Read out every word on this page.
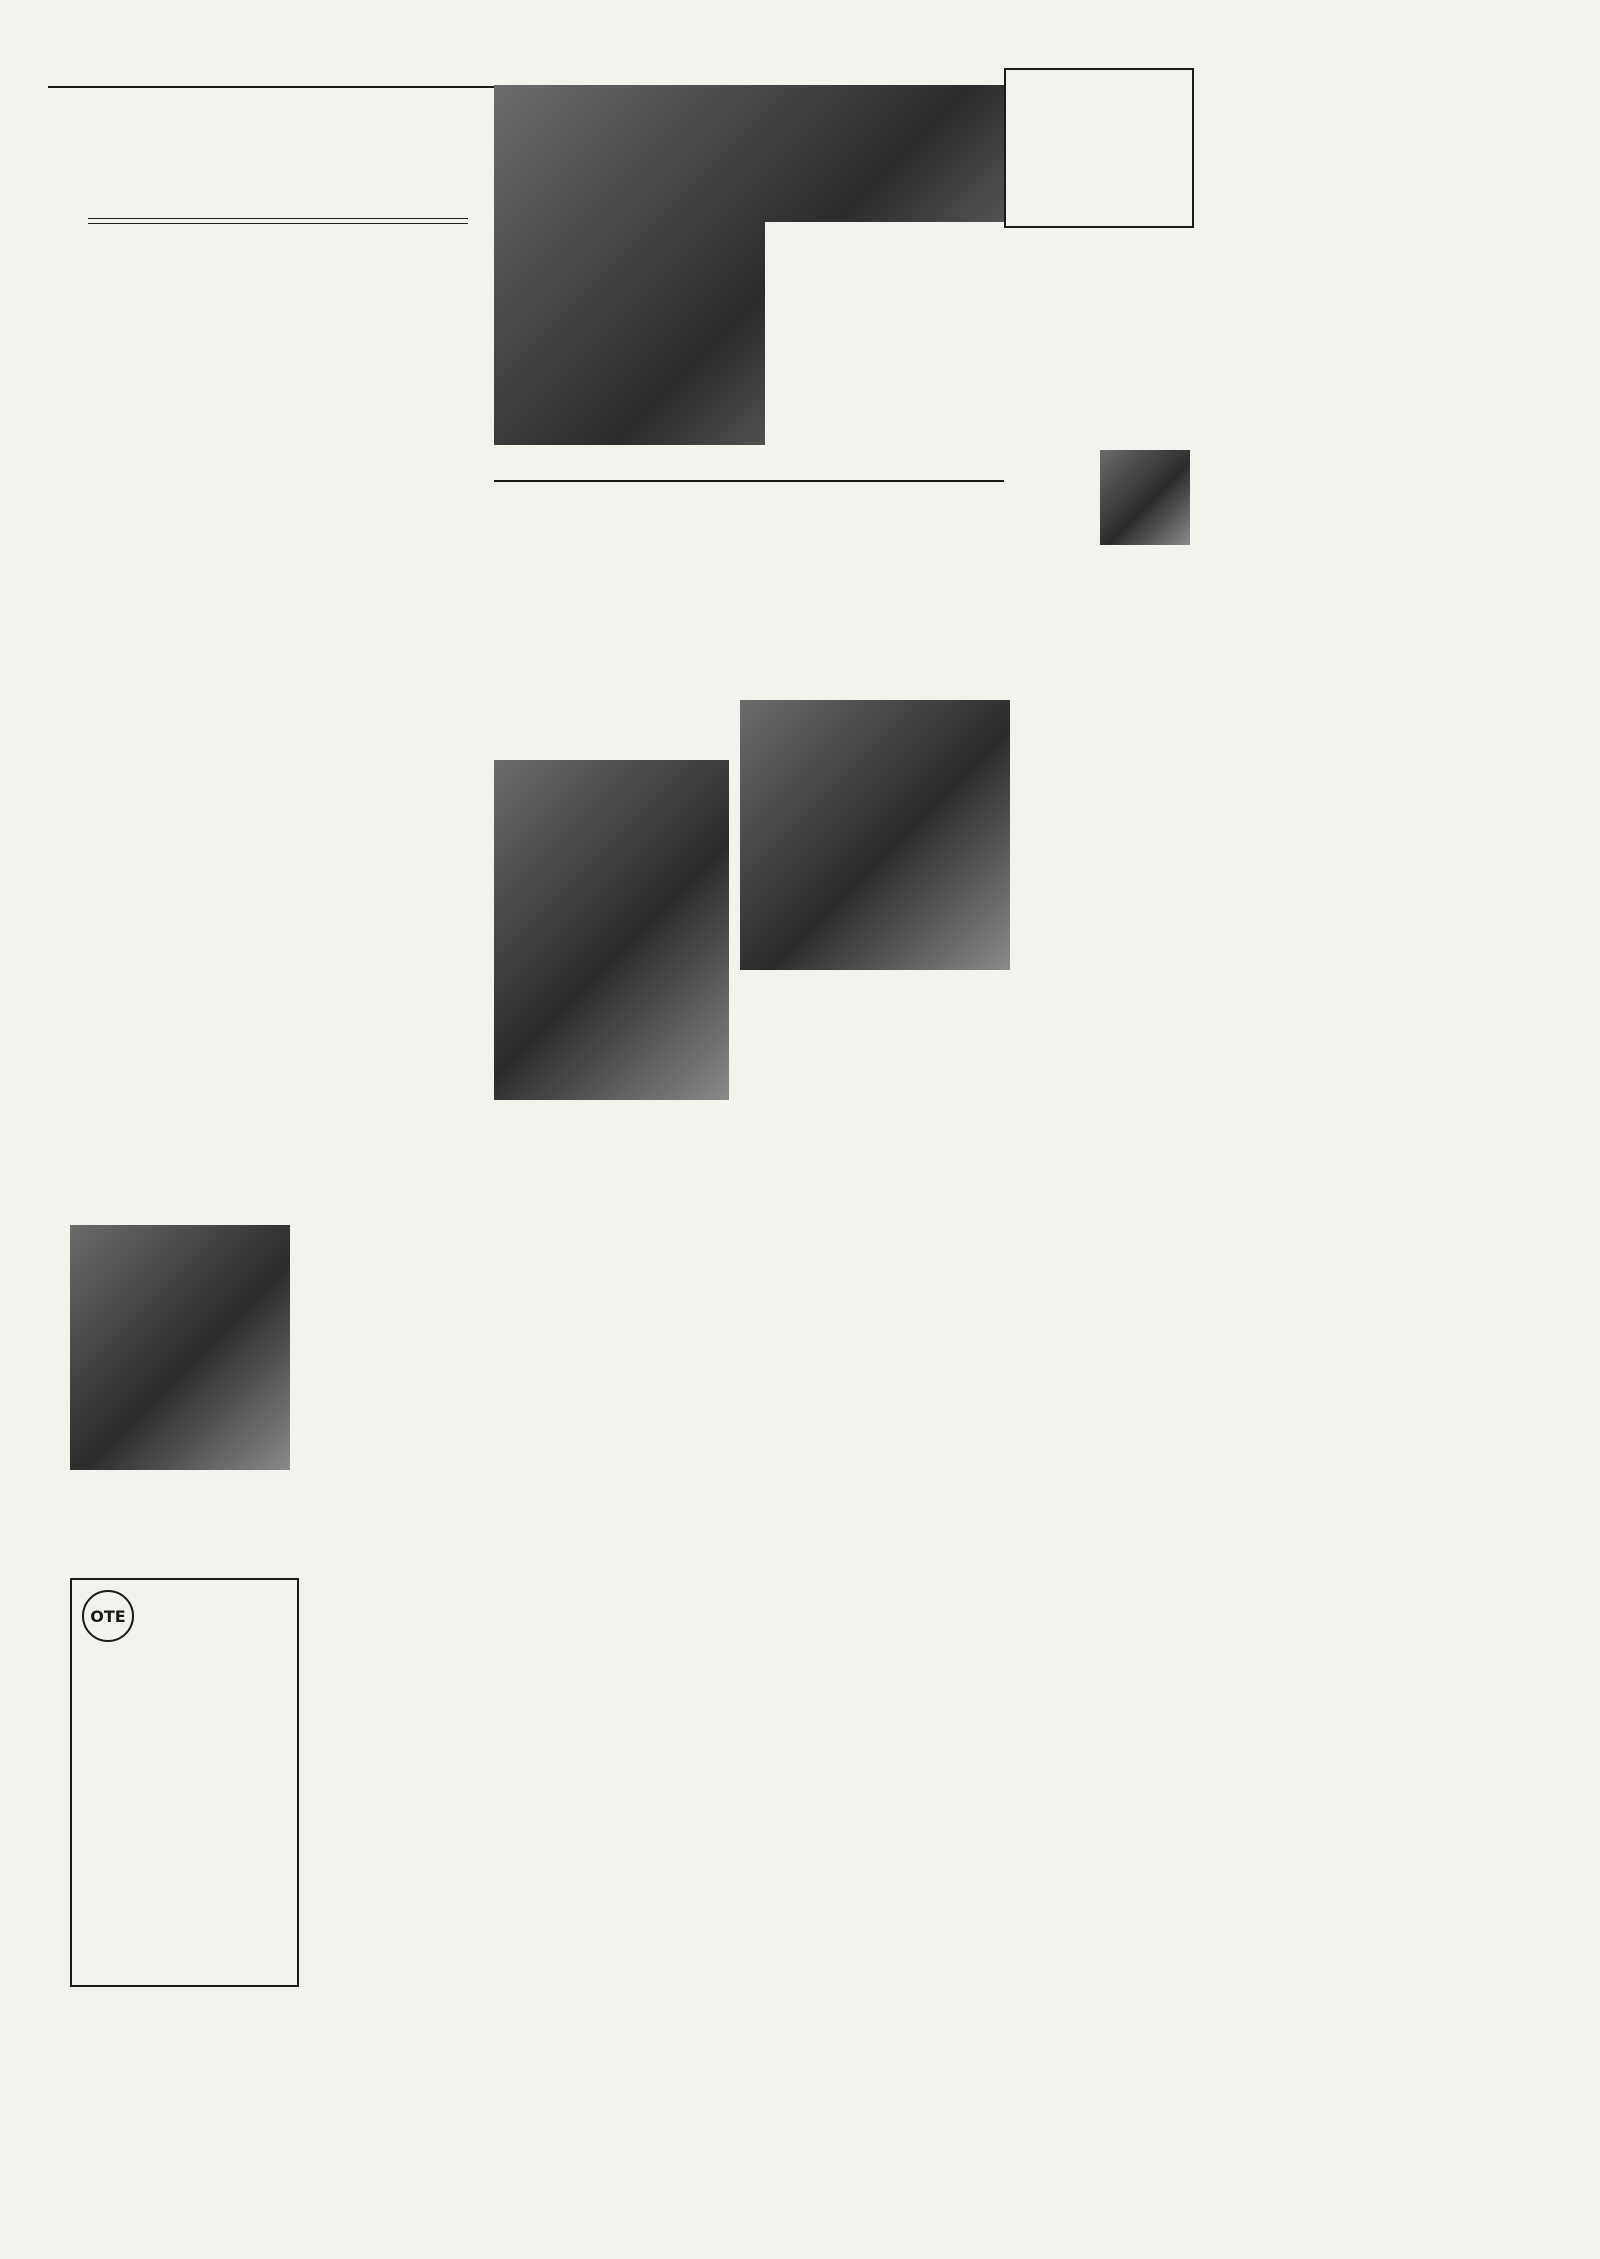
ΟΤΕ
